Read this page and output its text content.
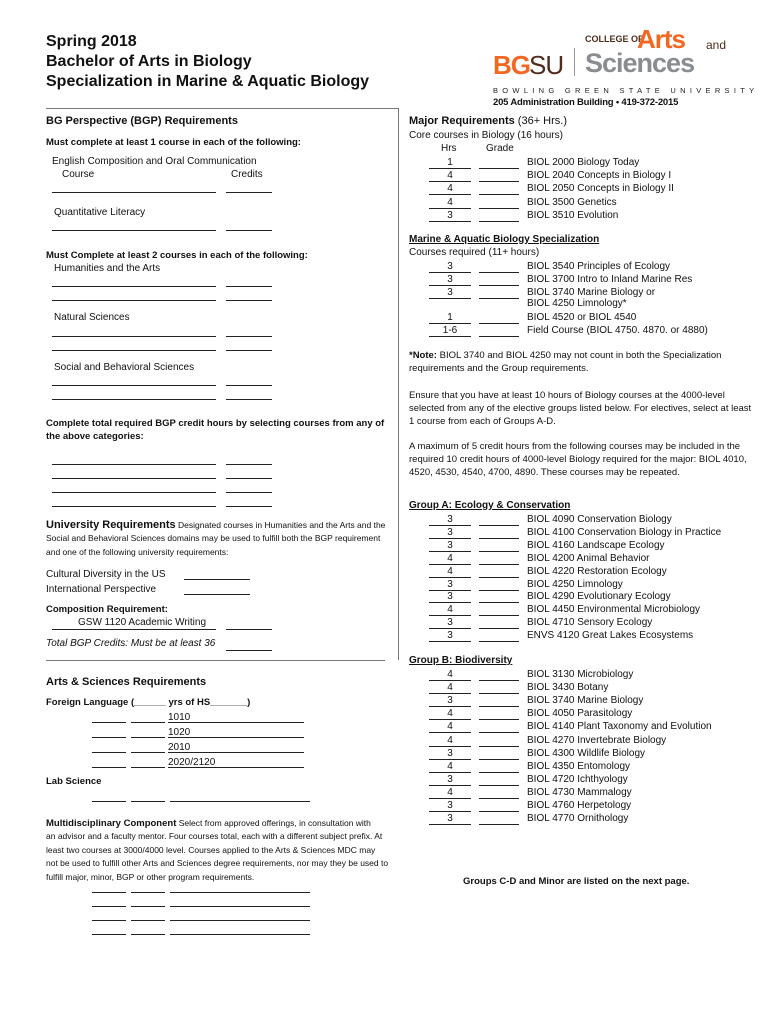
Spring 2018
Bachelor of Arts in Biology
Specialization in Marine & Aquatic Biology
BG SU
COLLEGE OF
Arts and
Sciences
BOWLING GREEN STATE UNIVERSITY
205 Administration Building • 419-372-2015
BG Perspective (BGP) Requirements
Must complete at least 1 course in each of the following:
English Composition and Oral Communication
Course	Credits
Quantitative Literacy
Must Complete at least 2 courses in each of the following:
Humanities and the Arts
Natural Sciences
Social and Behavioral Sciences
Complete total required BGP credit hours by selecting courses from any of the above categories:
University Requirements Designated courses in Humanities and the Arts and the
Social and Behavioral Sciences domains may be used to fulfill both the BGP requirement
and one of the following university requirements:
Cultural Diversity in the US
International Perspective
Composition Requirement:
GSW 1120 Academic Writing
Total BGP Credits: Must be at least 36
Arts & Sciences Requirements
Foreign Language (______ yrs of HS_______)
1010
1020
2010
2020/2120
Lab Science
Multidisciplinary Component Select from approved offerings, in consultation with
an advisor and a faculty mentor. Four courses total, each with a different subject prefix. At
least two courses at 3000/4000 level. Courses applied to the Arts & Sciences MDC may
not be used to fulfill other Arts and Sciences degree requirements, nor may they be used to
fulfill major, minor, BGP or other program requirements.
Major Requirements (36+ Hrs.)
Core courses in Biology (16 hours)
Hrs	Grade
1	BIOL 2000 Biology Today
4	BIOL 2040 Concepts in Biology I
4	BIOL 2050 Concepts in Biology II
4	BIOL 3500 Genetics
3	BIOL 3510 Evolution
Marine & Aquatic Biology Specialization
Courses required (11+ hours)
3	BIOL 3540 Principles of Ecology
3	BIOL 3700 Intro to Inland Marine Res
3	BIOL 3740 Marine Biology or
BIOL 4250 Limnology*
1	BIOL 4520 or BIOL 4540
1-6	Field Course (BIOL 4750. 4870. or 4880)
*Note: BIOL 3740 and BIOL 4250 may not count in both the Specialization requirements and the Group requirements.
Ensure that you have at least 10 hours of Biology courses at the 4000-level selected from any of the elective groups listed below. For electives, select at least 1 course from each of Groups A-D.
A maximum of 5 credit hours from the following courses may be included in the required 10 credit hours of 4000-level Biology required for the major: BIOL 4010, 4520, 4530, 4540, 4700, 4890. These courses may be repeated.
Group A: Ecology & Conservation
3	BIOL 4090 Conservation Biology
3	BIOL 4100 Conservation Biology in Practice
3	BIOL 4160 Landscape Ecology
4	BIOL 4200 Animal Behavior
4	BIOL 4220 Restoration Ecology
3	BIOL 4250 Limnology
3	BIOL 4290 Evolutionary Ecology
4	BIOL 4450 Environmental Microbiology
3	BIOL 4710 Sensory Ecology
3	ENVS 4120 Great Lakes Ecosystems
Group B: Biodiversity
4	BIOL 3130 Microbiology
4	BIOL 3430 Botany
3	BIOL 3740 Marine Biology
4	BIOL 4050 Parasitology
4	BIOL 4140 Plant Taxonomy and Evolution
4	BIOL 4270 Invertebrate Biology
3	BIOL 4300 Wildlife Biology
4	BIOL 4350 Entomology
3	BIOL 4720 Ichthyology
4	BIOL 4730 Mammalogy
3	BIOL 4760 Herpetology
3	BIOL 4770 Ornithology
Groups C-D and Minor are listed on the next page.
